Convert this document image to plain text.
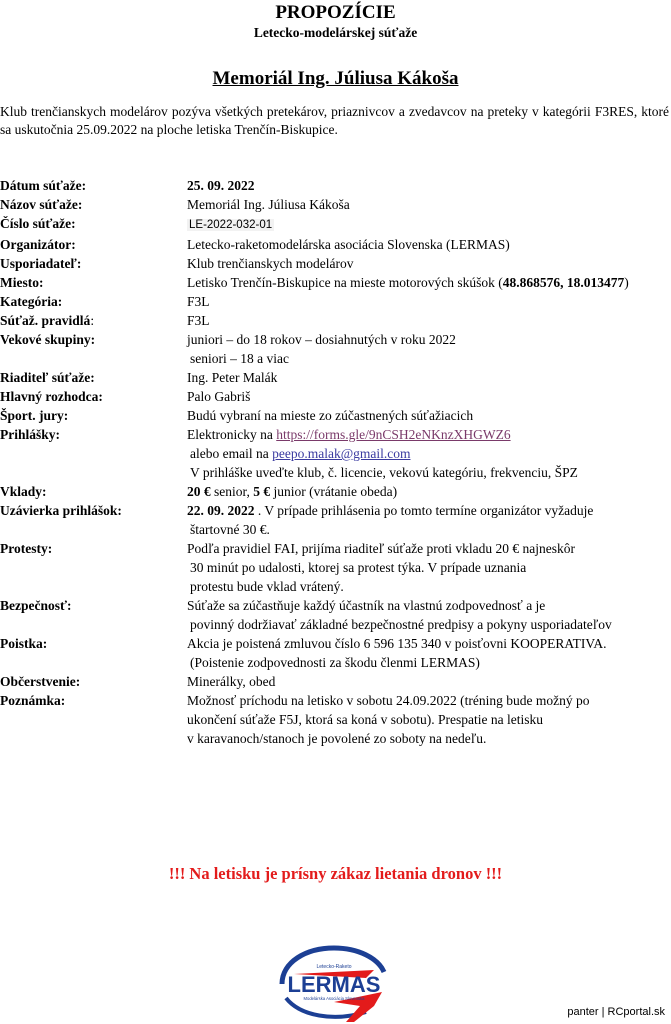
PROPOZÍCIE
Letecko-modelárskej súťaže
Memoriál Ing. Júliusa Kákoša
Klub trenčianskych modelárov pozýva všetkých pretekárov, priaznivcov a zvedavcov na preteky v kategórii F3RES, ktoré sa uskutočnia 25.09.2022 na ploche letiska Trenčín-Biskupice.
Dátum súťaže:	25. 09. 2022
Názov súťaže:	Memoriál Ing. Júliusa Kákoša
Číslo súťaže:	LE-2022-032-01
Organizátor:	Letecko-raketomodelárska asociácia Slovenska (LERMAS)
Usporiadateľ:	Klub trenčianskych modelárov
Miesto:	Letisko Trenčín-Biskupice na mieste motorových skúšok (48.868576, 18.013477)
Kategória:	F3L
Súťaž. pravidlá:	F3L
Vekové skupiny:	juniori – do 18 rokov – dosiahnutých v roku 2022
seniori – 18 a viac
Riaditeľ súťaže:	Ing. Peter Malák
Hlavný rozhodca:	Palo Gabriš
Šport. jury:	Budú vybraní na mieste zo zúčastnených súťažiacich
Prihlášky:	Elektronicky na https://forms.gle/9nCSH2eNKnzXHGWZ6
alebo email na peepo.malak@gmail.com
V prihláške uveďte klub, č. licencie, vekovú kategóriu, frekvenciu, ŠPZ
Vklady:	20 € senior, 5 € junior (vrátanie obeda)
Uzávierka prihlášok:	22. 09. 2022 . V prípade prihlásenia po tomto termíne organizátor vyžaduje
štartovné 30 €.
Protesty:	Podľa pravidiel FAI, prijíma riaditeľ súťaže proti vkladu 20 € najneskôr
30 minút po udalosti, ktorej sa protest týka. V prípade uznania
protestu bude vklad vrátený.
Bezpečnosť:	Súťaže sa zúčastňuje každý účastník na vlastnú zodpovednosť a je
povinný dodržiavať základné bezpečnostné predpisy a pokyny usporiadateľov
Poistka:	Akcia je poistená zmluvou číslo 6 596 135 340 v poisťovni KOOPERATIVA.
(Poistenie zodpovednosti za škodu členmi LERMAS)
Občerstvenie:	Minerálky, obed
Poznámka:	Možnosť príchodu na letisko v sobotu 24.09.2022 (tréning bude možný po
ukončení súťaže F5J, ktorá sa koná v sobotu). Prespatie na letisku
v karavanoch/stanoch je povolené zo soboty na nedeľu.
!!! Na letisku je prísny zákaz lietania dronov !!!
Letecko-Raketo
LERMAS
Modelárska Asociácia Slovenska
panter | RCportal.sk
